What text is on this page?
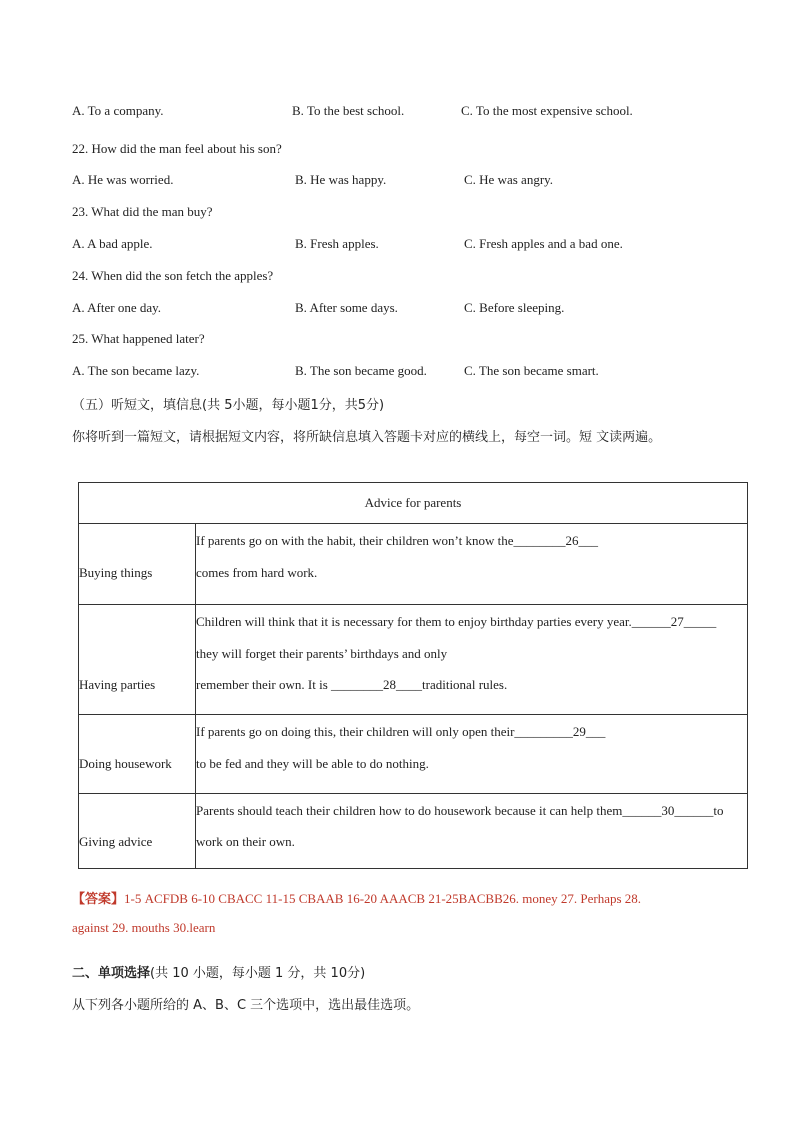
A. To a company.	B. To the best school.	C. To the most expensive school.
22. How did the man feel about his son?
A. He was worried.	B. He was happy.	C. He was angry.
23. What did the man buy?
A. A bad apple.	B. Fresh apples.	C. Fresh apples and a bad one.
24. When did the son fetch the apples?
A. After one day.	B. After some days.	C. Before sleeping.
25. What happened later?
A. The son became lazy.	B. The son became good.	C. The son became smart.
（五）听短文，填信息(共 5小题，每小题1分，共5分)
你将听到一篇短文，请根据短文内容，将所缺信息填入答题卡对应的横线上，每空一词。短 文读两遍。
Advice for parents	

Buying things	If parents go on with the habit, their children won’t know the________26___
comes from hard work.

Having parties	Children will think that it is necessary for them to enjoy birthday parties every year.______27_____
they will forget their parents’ birthdays and only
remember their own. It is ________28____traditional rules.

Doing housework	If parents go on doing this, their children will only open their_________29___
to be fed and they will be able to do nothing.

Giving advice	Parents should teach their children how to do housework because it can help them______30______to
work on their own.
【答案】1-5 ACFDB 6-10 CBACC 11-15 CBAAB 16-20 AAACB 21-25BACBB26. money 27. Perhaps 28.
against 29. mouths 30.learn
二、单项选择(共 10 小题，每小题 1 分，共 10分)
从下列各小题所给的 A、B、C 三个选项中，选出最佳选项。
